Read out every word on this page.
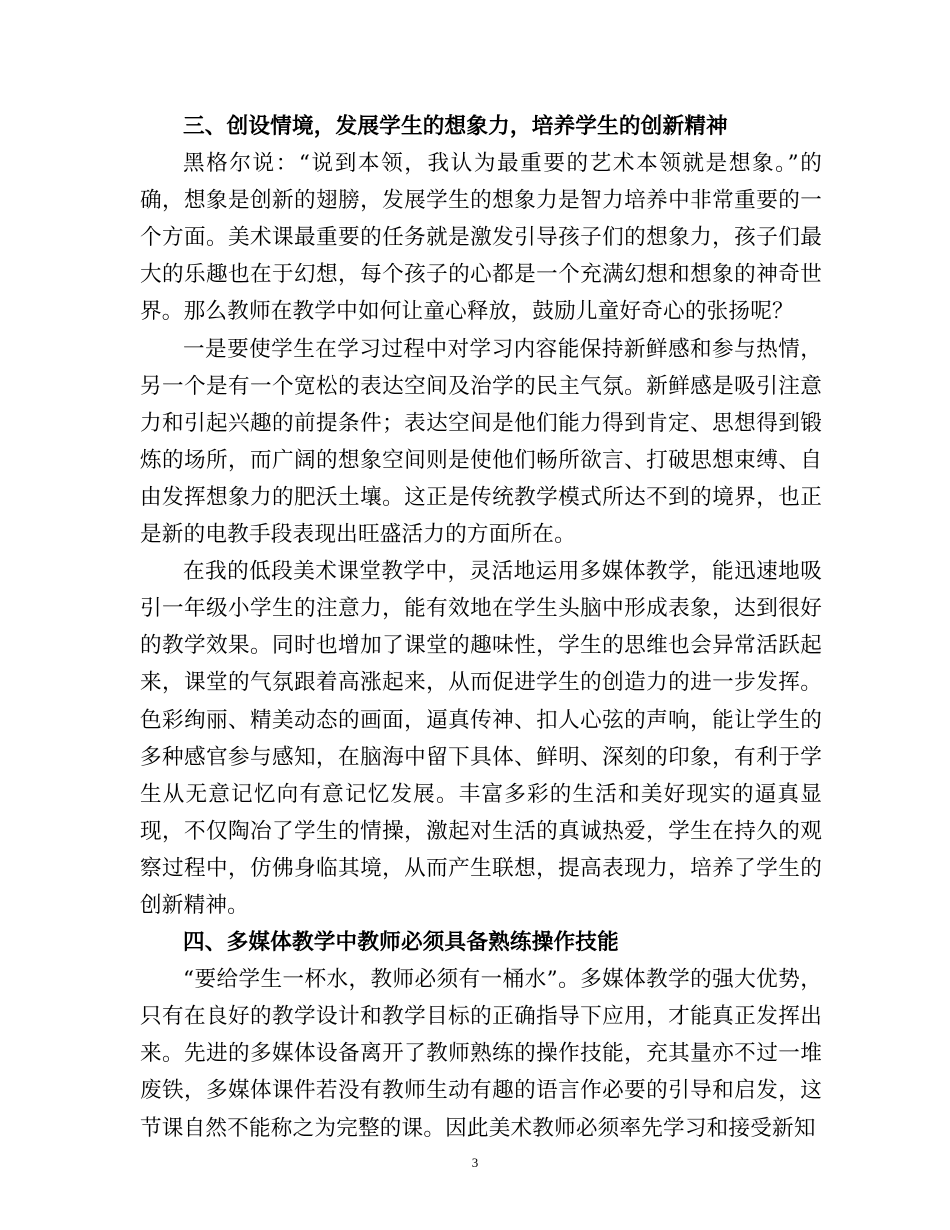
三、创设情境，发展学生的想象力，培养学生的创新精神

黑格尔说：“说到本领，我认为最重要的艺术本领就是想象。”的确，想象是创新的翅膀，发展学生的想象力是智力培养中非常重要的一个方面。美术课最重要的任务就是激发引导孩子们的想象力，孩子们最大的乐趣也在于幻想，每个孩子的心都是一个充满幻想和想象的神奇世界。那么教师在教学中如何让童心释放，鼓励儿童好奇心的张扬呢？

一是要使学生在学习过程中对学习内容能保持新鲜感和参与热情，另一个是有一个宽松的表达空间及治学的民主气氛。新鲜感是吸引注意力和引起兴趣的前提条件；表达空间是他们能力得到肯定、思想得到锻炼的场所，而广阔的想象空间则是使他们畅所欲言、打破思想束缚、自由发挥想象力的肥沃土壤。这正是传统教学模式所达不到的境界，也正是新的电教手段表现出旺盛活力的方面所在。

在我的低段美术课堂教学中，灵活地运用多媒体教学，能迅速地吸引一年级小学生的注意力，能有效地在学生头脑中形成表象，达到很好的教学效果。同时也增加了课堂的趣味性，学生的思维也会异常活跃起来，课堂的气氛跟着高涨起来，从而促进学生的创造力的进一步发挥。色彩绚丽、精美动态的画面，逼真传神、扣人心弦的声响，能让学生的多种感官参与感知，在脑海中留下具体、鲜明、深刻的印象，有利于学生从无意记忆向有意记忆发展。丰富多彩的生活和美好现实的逼真显现，不仅陶冶了学生的情操，激起对生活的真诚热爱，学生在持久的观察过程中，仿佛身临其境，从而产生联想，提高表现力，培养了学生的创新精神。

四、多媒体教学中教师必须具备熟练操作技能

“要给学生一杯水，教师必须有一桶水”。多媒体教学的强大优势，只有在良好的教学设计和教学目标的正确指导下应用，才能真正发挥出来。先进的多媒体设备离开了教师熟练的操作技能，充其量亦不过一堆废铁，多媒体课件若没有教师生动有趣的语言作必要的引导和启发，这节课自然不能称之为完整的课。因此美术教师必须率先学习和接受新知

3
